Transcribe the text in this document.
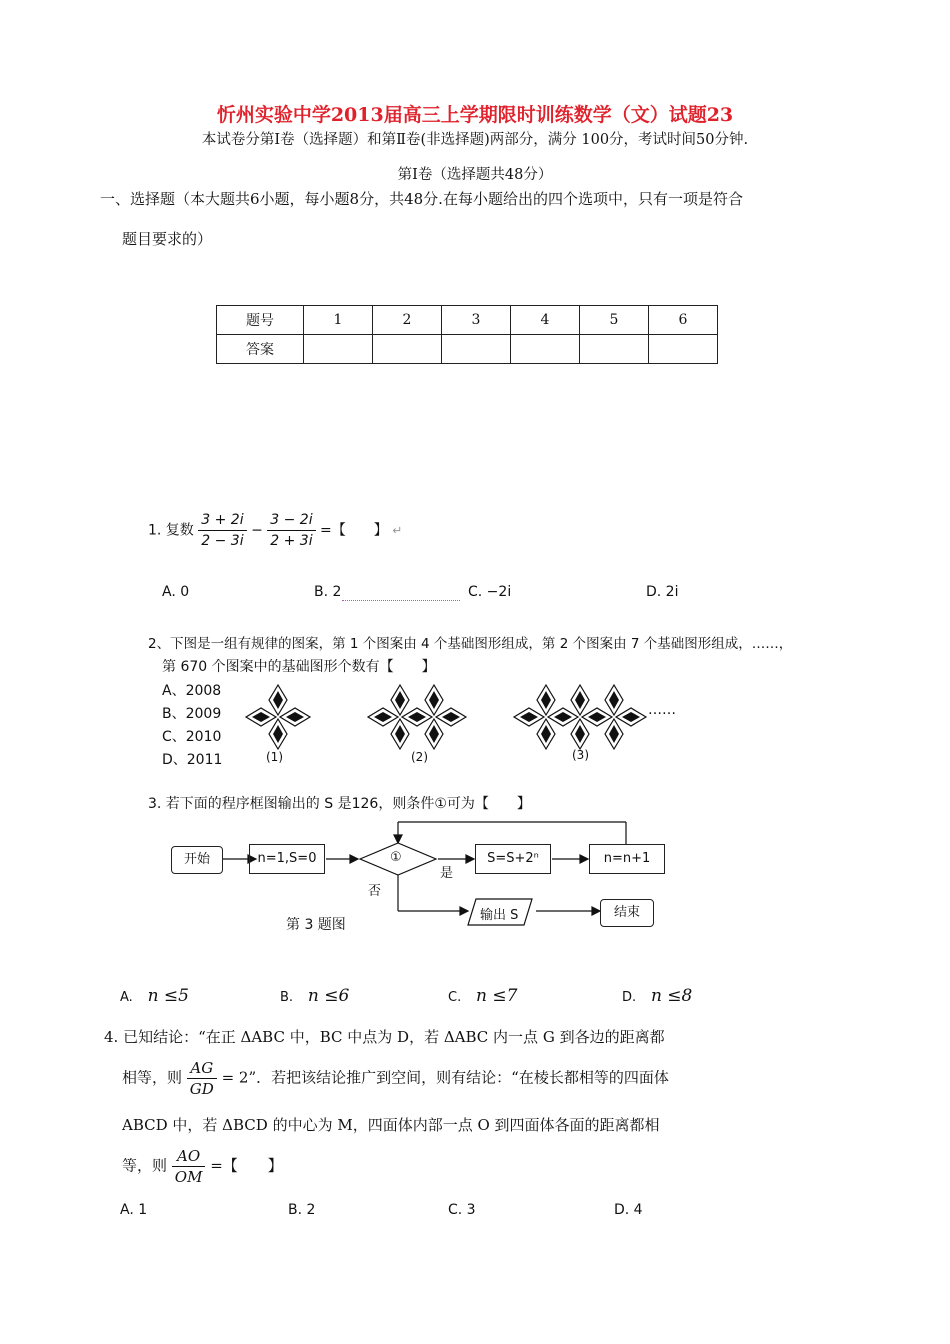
忻州实验中学2013届高三上学期限时训练数学（文）试题23
本试卷分第Ⅰ卷（选择题）和第Ⅱ卷(非选择题)两部分，满分 100分，考试时间50分钟.
第Ⅰ卷（选择题共48分）
一、选择题（本大题共6小题，每小题8分，共48分.在每小题给出的四个选项中，只有一项是符合
题目要求的）
题号	1	2	3	4	5	6
答案						
1. 复数 $\frac{3 + 2i}{2 - 3i} - \frac{3 - 2i}{2 + 3i}$ =【　　】 ↵
A. 0	B. 2	C. −2i	D. 2i
2、下图是一组有规律的图案，第 1 个图案由 4 个基础图形组成，第 2 个图案由 7 个基础图形组成，……，
第 670 个图案中的基础图形个数有【　　】
A、2008
B、2009
C、2010
D、2011	(1)	(2)	(3)
……
3. 若下面的程序框图输出的 S 是126，则条件①可为【　　】
开始	n=1,S=0	①
是
否
S=S+2ⁿ	n=n+1
输出 S	结束
第 3 题图
A. n ≤5	B. n ≤6	C. n ≤7	D. n ≤8
4. 已知结论：“在正 ΔABC 中，BC 中点为 D，若 ΔABC 内一点 G 到各边的距离都
相等，则 $\frac{AG}{GD} = 2$”．若把该结论推广到空间，则有结论：“在棱长都相等的四面体
ABCD 中，若 ΔBCD 的中心为 M，四面体内部一点 O 到四面体各面的距离都相
等，则 $\frac{AO}{OM}$ =【　　】
A. 1	B. 2	C. 3	D. 4
